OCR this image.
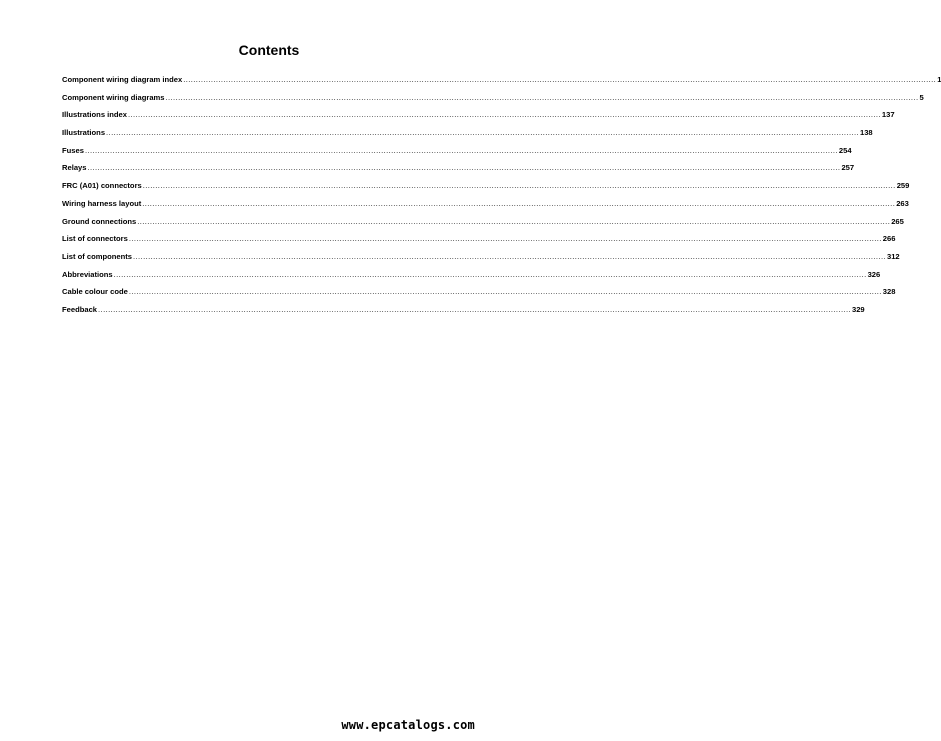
Contents
Component wiring diagram index ............................................................................................................................................................................................................................................................................................................ 1
Component wiring diagrams ............................................................................................................................................................................................................................................................................................................ 5
Illustrations index ............................................................................................................................................................................................................................................................................................................ 137
Illustrations ............................................................................................................................................................................................................................................................................................................ 138
Fuses ............................................................................................................................................................................................................................................................................................................ 254
Relays ............................................................................................................................................................................................................................................................................................................ 257
FRC (A01) connectors ............................................................................................................................................................................................................................................................................................................ 259
Wiring harness layout ............................................................................................................................................................................................................................................................................................................ 263
Ground connections ............................................................................................................................................................................................................................................................................................................ 265
List of connectors ............................................................................................................................................................................................................................................................................................................ 266
List of components ............................................................................................................................................................................................................................................................................................................ 312
Abbreviations ............................................................................................................................................................................................................................................................................................................ 326
Cable colour code ............................................................................................................................................................................................................................................................................................................ 328
Feedback ............................................................................................................................................................................................................................................................................................................ 329
www.epcatalogs.com
